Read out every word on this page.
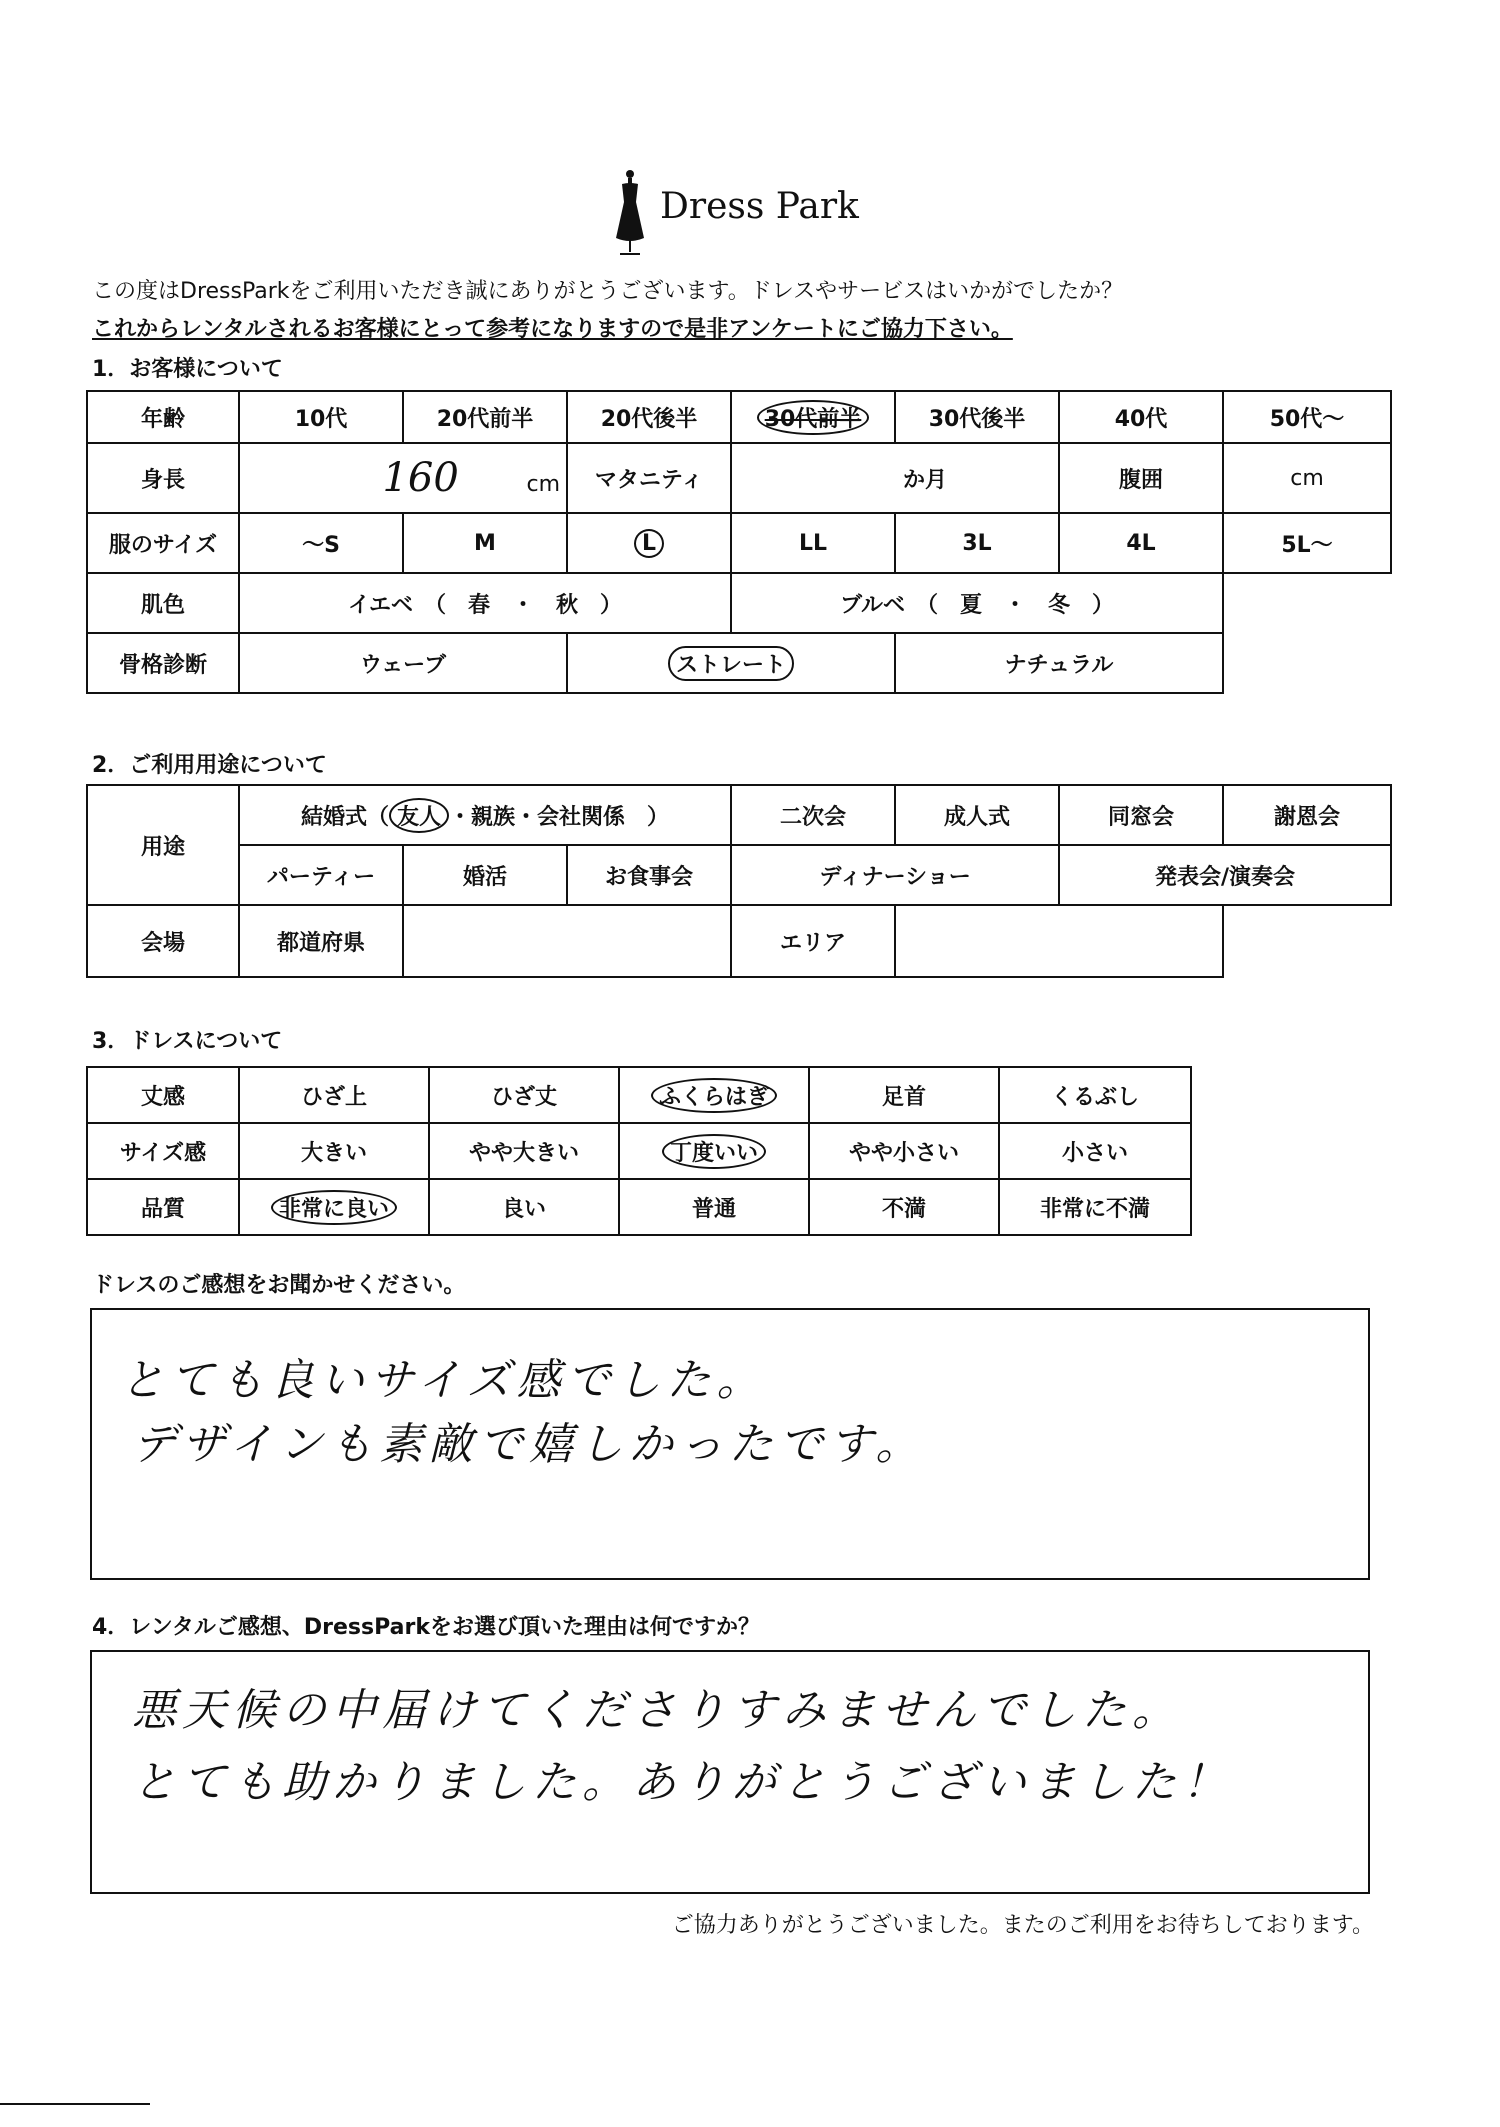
Dress Park
この度はDressParkをご利用いただき誠にありがとうございます。ドレスやサービスはいかがでしたか？
これからレンタルされるお客様にとって参考になりますので是非アンケートにご協力下さい。
1．お客様について
年齢	10代	20代前半	20代後半	30代前半	30代後半	40代	50代～
身長	160 cm		マタニティ	か月		腹囲	cm
服のサイズ	～S	M	L	LL	3L	4L	5L～
肌色	イエベ　（　春　・　秋　）			ブルベ　（　夏　・　冬　）			
骨格診断	ウェーブ		ストレート		ナチュラル		
2．ご利用用途について
用途	結婚式（ 友人 ・親族・会社関係　）			二次会	成人式	同窓会	謝恩会
	パーティー	婚活	お食事会	ディナーショー		発表会/演奏会	
会場	都道府県			エリア			
3．ドレスについて
丈感	ひざ上	ひざ丈	ふくらはぎ	足首	くるぶし
サイズ感	大きい	やや大きい	丁度いい	やや小さい	小さい
品質	非常に良い	良い	普通	不満	非常に不満
ドレスのご感想をお聞かせください。
とても良いサイズ感でした。
デザインも素敵で嬉しかったです。
4．レンタルご感想、DressParkをお選び頂いた理由は何ですか？
悪天候の中届けてくださりすみませんでした。
とても助かりました。ありがとうございました！
ご協力ありがとうございました。またのご利用をお待ちしております。
